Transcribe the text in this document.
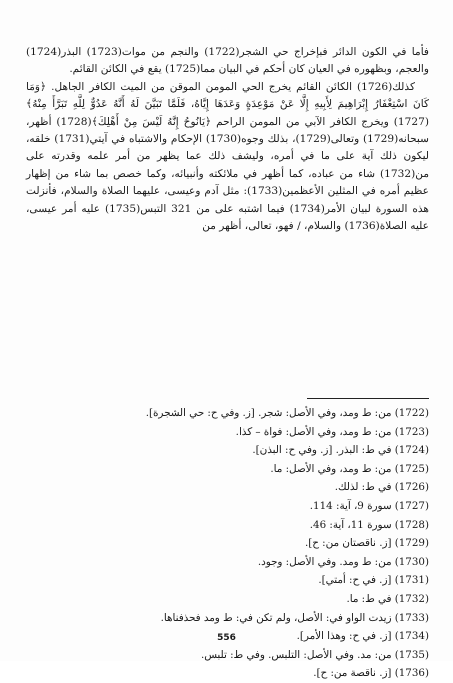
فأما في الكون الدائر فبإخراج حي الشجر(1722) والنجم من موات(1723) البذر(1724) والعجم، وبظهوره في العيان كان أحكم في البيان مما(1725) يقع في الكائن القائم.

كذلك(1726) الكائن القائم يخرج الحي المومن الموقن من الميت الكافر الجاهل. ﴿وَمَا كَانَ اسْتِغْفَارُ إِبْرَاهِيمَ لِأَبِيهِ إِلَّا عَنْ مَوْعِدَةٍ وَعَدَهَا إِيَّاهُ، فَلَمَّا تَبَيَّنَ لَهُ أَنَّهُ عَدُوٌّ لِلَّهِ تَبَرَّأَ مِنْهُ﴾(1727) ويخرج الكافر الآبي من المومن الراحم ﴿يَانُوحُ إِنَّهُ لَيْسَ مِنْ أَهْلِكَ﴾(1728) أظهر، سبحانه(1729) وتعالى(1729)، بذلك وجوه(1730) الإحكام والاشتباه في آيتي(1731) خلقه، ليكون ذلك آية على ما في أمره، وليشف ذلك عما يظهر من أمر علمه وقدرته على من(1732) شاء من عباده، كما أظهر في ملائكته وأنبيائه، وكما خصص بما شاء من إظهار عظيم أمره في المثلين الأعظمين(1733): مثل آدم وعيسى، عليهما الصلاة والسلام، فأنزلت هذه السورة لبيان الأمر(1734) فيما اشتبه على من 321 التبس(1735) عليه أمر عيسى، عليه الصلاة(1736) والسلام، / فهو، تعالى، أظهر من

(1722) من: ط ومد، وفي الأصل: شجر. [ز. وفي ح: حي الشجرة].
(1723) من: ط ومد، وفي الأصل: فواة – كذا.
(1724) في ط: البذر. [ز. وفي ح: البذن].
(1725) من: ط ومد، وفي الأصل: ما.
(1726) في ط: لذلك.
(1727) سورة 9، آية: 114.
(1728) سورة 11، آية: 46.
(1729) [ز. ناقصتان من: ح].
(1730) من: ط ومد. وفي الأصل: وجود.
(1731) [ز. في ح: أمتي].
(1732) في ط: ما.
(1733) زيدت الواو في: الأصل، ولم تكن في: ط ومد فحذفناها.
(1734) [ز. في ح: وهذا الأمر].
(1735) من: مد. وفي الأصل: التلبس. وفي ط: تلبس.
(1736) [ز. ناقصة من: ح].
556
